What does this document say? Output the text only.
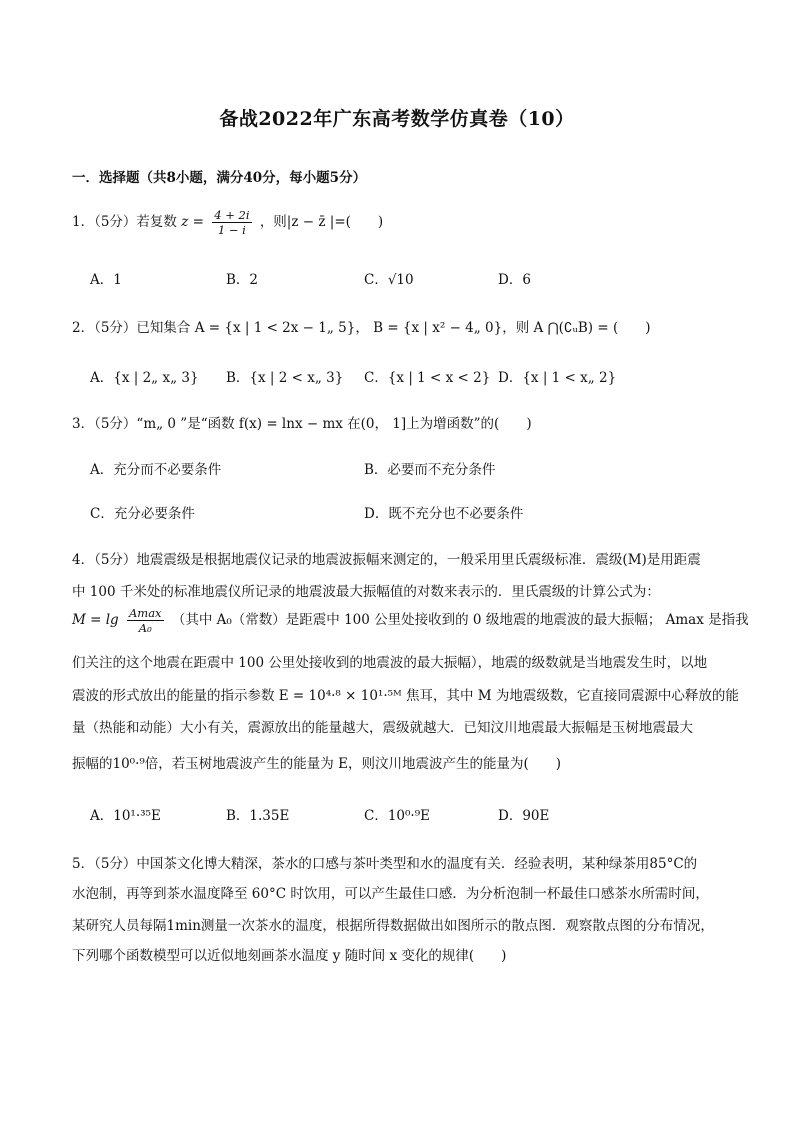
备战2022年广东高考数学仿真卷（10）
一．选择题（共8小题，满分40分，每小题5分）
1．（5分）若复数 $z = \frac{4 + 2i}{1 - i}$ ，则|z − z̄ |=(　　)
A．1	B．2	C．√10	D．6
2．（5分）已知集合 A = {x | 1 < 2x − 1„ 5}， B = {x | x² − 4„ 0}，则 A ⋂(∁ᵤB) = (　　)
A．{x | 2„ x„ 3} B．{x | 2 < x„ 3} C．{x | 1 < x < 2} D．{x | 1 < x„ 2}
3．（5分）“m„ 0 ”是“函数 f(x) = lnx − mx 在(0， 1]上为增函数”的(　　)
A．充分而不必要条件	B．必要而不充分条件
C．充分必要条件	D．既不充分也不必要条件
4．（5分）地震震级是根据地震仪记录的地震波振幅来测定的，一般采用里氏震级标准．震级(M)是用距震
中 100 千米处的标准地震仪所记录的地震波最大振幅值的对数来表示的．里氏震级的计算公式为：
$M = \lg \frac{Amax}{\text{A₀}}$ （其中 A₀（常数）是距震中 100 公里处接收到的 0 级地震的地震波的最大振幅； Amax 是指我
们关注的这个地震在距震中 100 公里处接收到的地震波的最大振幅），地震的级数就是当地震发生时，以地
震波的形式放出的能量的指示参数 E = 10⁴·⁸ × 10¹·⁵ᴹ 焦耳，其中 M 为地震级数，它直接同震源中心释放的能
量（热能和动能）大小有关，震源放出的能量越大，震级就越大．已知汶川地震最大振幅是玉树地震最大
振幅的10⁰·⁹倍，若玉树地震波产生的能量为 E，则汶川地震波产生的能量为(　　)
A．10¹·³⁵E	B．1.35E	C．10⁰·⁹E	D．90E
5．（5分）中国茶文化博大精深，茶水的口感与茶叶类型和水的温度有关．经验表明，某种绿茶用85°C的
水泡制，再等到茶水温度降至 60°C 时饮用，可以产生最佳口感．为分析泡制一杯最佳口感茶水所需时间，
某研究人员每隔1min测量一次茶水的温度，根据所得数据做出如图所示的散点图．观察散点图的分布情况，
下列哪个函数模型可以近似地刻画茶水温度 y 随时间 x 变化的规律(　　)
